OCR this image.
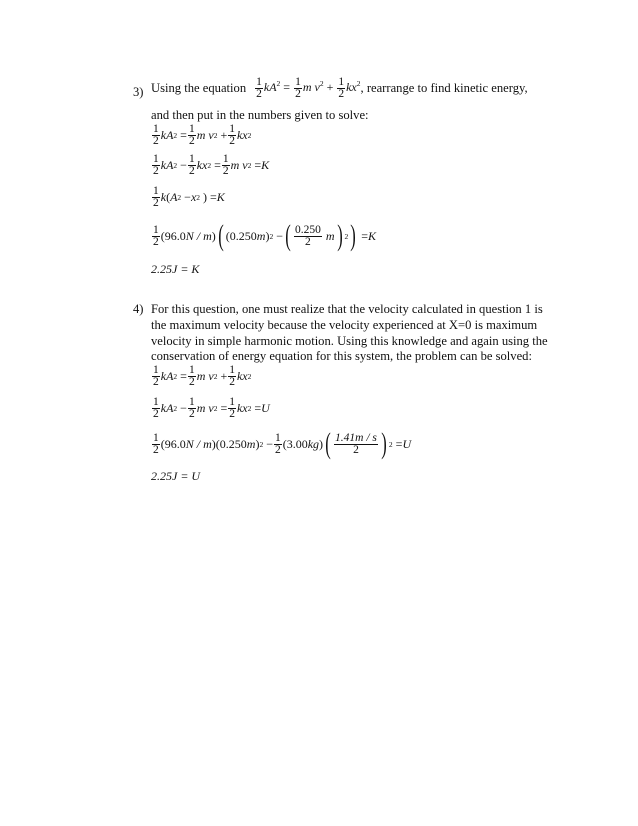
3) Using the equation $\frac{1}{2} kA^2 = \frac{1}{2}$ m $v^2 + \frac{1}{2} kx^2$ , rearrange to find kinetic energy,
and then put in the numbers given to solve:
$\frac{1}{2}$ kA $2 = \frac{1}{2}$ m v $2 + \frac{1}{2}$ kx 2
$\frac{1}{2}$ kA $2 - \frac{1}{2}$ kx $2 = \frac{1}{2}$ m v 2 = K
$\frac{1}{2}$ k ( A 2 − x 2 ) = K
$\frac{1}{2} (96.0$ N / m ) ( (0.250 m ) 2 − ( $\frac{0.250}{2}$
m ) 2 ) = K
2.25J = K
4) For this question, one must realize that the velocity calculated in question 1 is
the maximum velocity because the velocity experienced at X=0 is maximum
velocity in simple harmonic motion. Using this knowledge and again using the
conservation of energy equation for this system, the problem can be solved:
$\frac{1}{2}$ kA $2 = \frac{1}{2}$ m v $2 + \frac{1}{2}$ kx 2
$\frac{1}{2}$ kA $2 - \frac{1}{2}$ m v $2 = \frac{1}{2}$ kx 2 = U
$\frac{1}{2} (96.0$ N / m )(0.250 m ) $2 - \frac{1}{2} (3.00$ kg ) ( $\frac{1.41m / s}{2}$ ) 2 = U
2.25J = U
